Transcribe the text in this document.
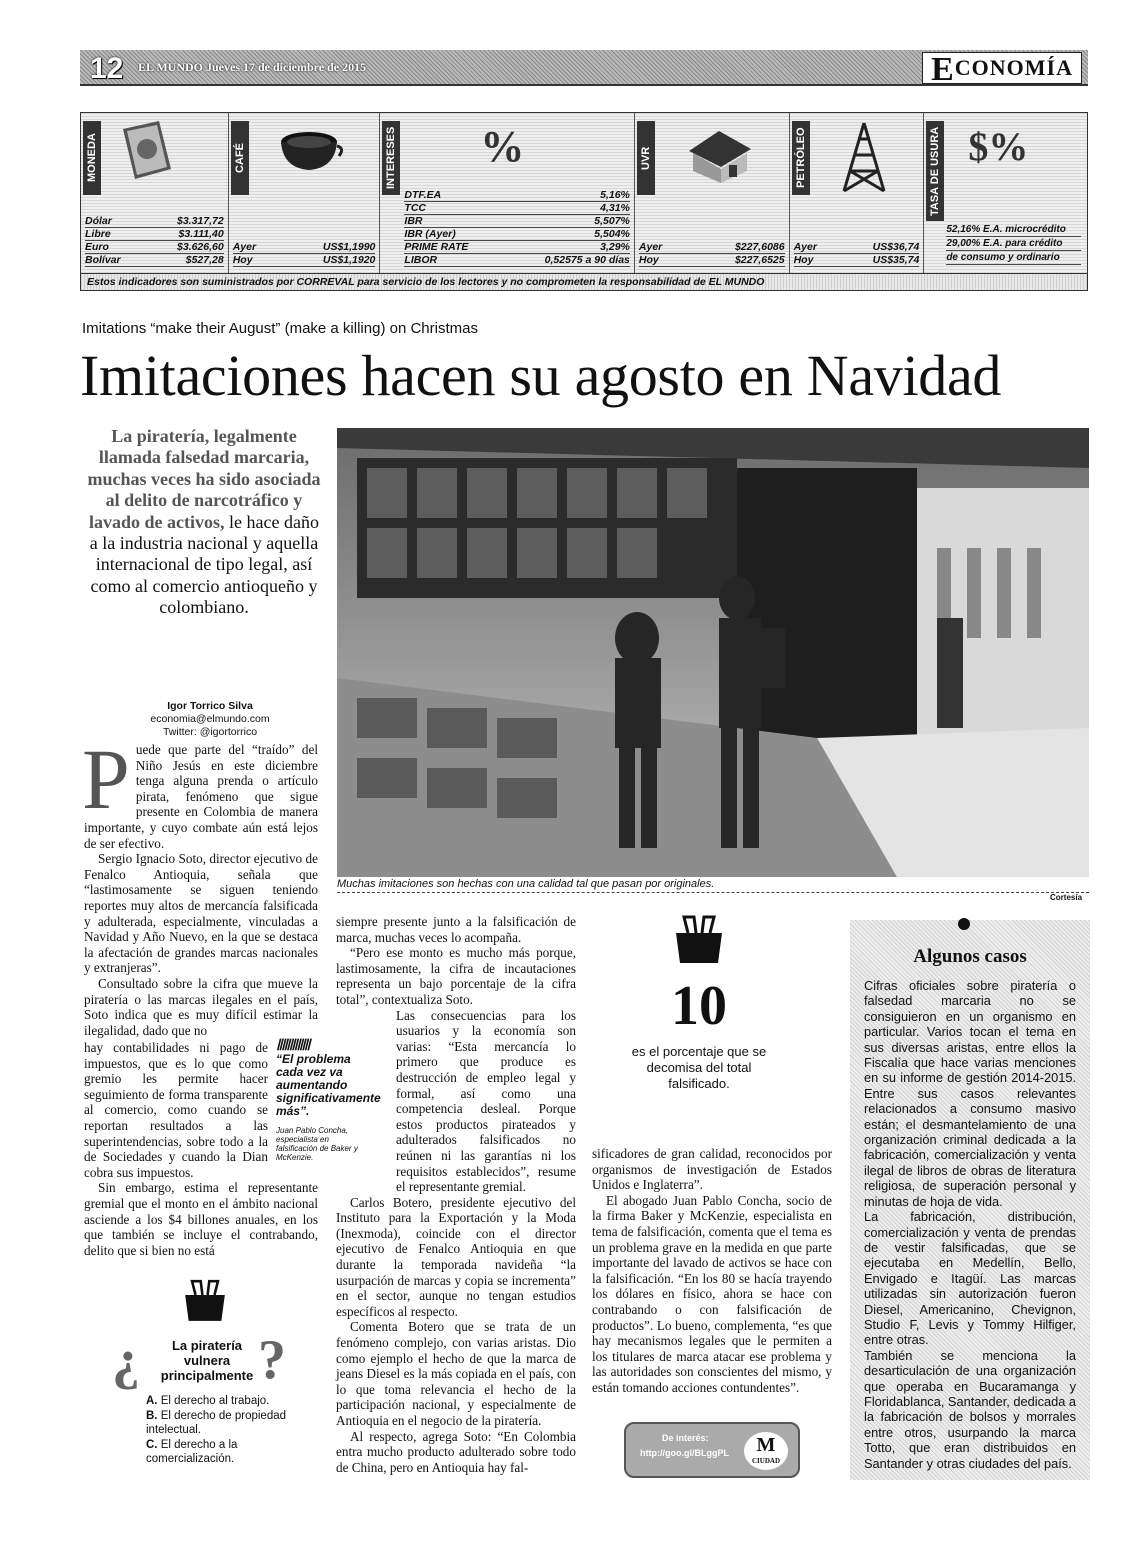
12 EL MUNDO Jueves 17 de diciembre de 2015	ECONOMÍA
MONEDA
Dólar	$3.317,72
Libre	$3.111,40
Euro	$3.626,60
Bolívar	$527,28
CAFÉ
Ayer	US$1,1990
Hoy	US$1,1920
INTERESES %
DTF.EA	5,16%
TCC	4,31%
IBR	5,507%
IBR (Ayer)	5,504%
PRIME RATE	3,29%
LIBOR	0,52575 a 90 días
UVR
Ayer	$227,6086
Hoy	$227,6525
PETRÓLEO
Ayer	US$36,74
Hoy	US$35,74
TASA DE USURA $%
52,16% E.A. microcrédito
29,00% E.A. para crédito
de consumo y ordinario
Estos indicadores son suministrados por CORREVAL para servicio de los lectores y no comprometen la responsabilidad de EL MUNDO
Imitations “make their August” (make a killing) on Christmas
Imitaciones hacen su agosto en Navidad
La piratería, legalmente llamada falsedad marcaria, muchas veces ha sido asociada al delito de narcotráfico y lavado de activos, le hace daño a la industria nacional y aquella internacional de tipo legal, así como al comercio antioqueño y colombiano.
Muchas imitaciones son hechas con una calidad tal que pasan por originales.
Cortesía
Igor Torrico Silva
economia@elmundo.com
Twitter: @igortorrico

Puede que parte del “traído” del Niño Jesús en este diciembre tenga alguna prenda o artículo pirata, fenómeno que sigue presente en Colombia de manera importante, y cuyo combate aún está lejos de ser efectivo.

Sergio Ignacio Soto, director ejecutivo de Fenalco Antioquia, señala que “lastimosamente se siguen teniendo reportes muy altos de mercancía falsificada y adulterada, especialmente, vinculadas a Navidad y Año Nuevo, en la que se destaca la afectación de grandes marcas nacionales y extranjeras”.

Consultado sobre la cifra que mueve la piratería o las marcas ilegales en el país, Soto indica que es muy difícil estimar la ilegalidad, dado que no

hay contabilidades ni pago de impuestos, que es lo que como gremio les permite hacer seguimiento de forma transparente al comercio, como cuando se reportan resultados a las superintendencias, sobre todo a la de Sociedades y cuando la Dian cobra sus impuestos.

Sin embargo, estima el representante gremial que el monto en el ámbito nacional asciende a los $4 billones anuales, en los que también se incluye el contrabando, delito que si bien no está

ꟾꟾꟾꟾꟾꟾꟾꟾꟾꟾꟾꟾꟾ
“El problema cada vez va aumentando significativamente más”.
Juan Pablo Concha, especialista en falsificación de Baker y McKenzie.

siempre presente junto a la falsificación de marca, muchas veces lo acompaña.

“Pero ese monto es mucho más porque, lastimosamente, la cifra de incautaciones representa un bajo porcentaje de la cifra total”, contextualiza Soto.

Las consecuencias para los usuarios y la economía son varias: “Esta mercancía lo primero que produce es destrucción de empleo legal y formal, así como una competencia desleal. Porque estos productos pirateados y adulterados falsificados no reúnen ni las garantías ni los requisitos establecidos”, resume el representante gremial.

Carlos Botero, presidente ejecutivo del Instituto para la Exportación y la Moda (Inexmoda), coincide con el director ejecutivo de Fenalco Antioquia en que durante la temporada navideña “la usurpación de marcas y copia se incrementa” en el sector, aunque no tengan estudios específicos al respecto.

Comenta Botero que se trata de un fenómeno complejo, con varias aristas. Dio como ejemplo el hecho de que la marca de jeans Diesel es la más copiada en el país, con lo que toma relevancia el hecho de la participación nacional, y especialmente de Antioquia en el negocio de la piratería.

Al respecto, agrega Soto: “En Colombia entra mucho producto adulterado sobre todo de China, pero en Antioquia hay fal-

10
es el porcentaje que se decomisa del total falsificado.

sificadores de gran calidad, reconocidos por organismos de investigación de Estados Unidos e Inglaterra”.

El abogado Juan Pablo Concha, socio de la firma Baker y McKenzie, especialista en tema de falsificación, comenta que el tema es un problema grave en la medida en que parte importante del lavado de activos se hace con la falsificación. “En los 80 se hacía trayendo los dólares en físico, ahora se hace con contrabando o con falsificación de productos”. Lo bueno, complementa, “es que hay mecanismos legales que le permiten a los titulares de marca atacar ese problema y las autoridades son conscientes del mismo, y están tomando acciones contundentes”.

De interés:
http://goo.gl/BLggPL	M
CIUDAD
Algunos casos
Cifras oficiales sobre piratería o falsedad marcaria no se consiguieron en un organismo en particular. Varios tocan el tema en sus diversas aristas, entre ellos la Fiscalía que hace varias menciones en su informe de gestión 2014-2015. Entre sus casos relevantes relacionados a consumo masivo están; el desmantelamiento de una organización criminal dedicada a la fabricación, comercialización y venta ilegal de libros de obras de literatura religiosa, de superación personal y minutas de hoja de vida.
La fabricación, distribución, comercialización y venta de prendas de vestir falsificadas, que se ejecutaba en Medellín, Bello, Envigado e Itagüí. Las marcas utilizadas sin autorización fueron Diesel, Americanino, Chevignon, Studio F, Levis y Tommy Hilfiger, entre otras.
También se menciona la desarticulación de una organización que operaba en Bucaramanga y Floridablanca, Santander, dedicada a la fabricación de bolsos y morrales entre otros, usurpando la marca Totto, que eran distribuidos en Santander y otras ciudades del país.
¿ ?
La piratería vulnera principalmente
A. El derecho al trabajo.
B. El derecho de propiedad intelectual.
C. El derecho a la comercialización.
